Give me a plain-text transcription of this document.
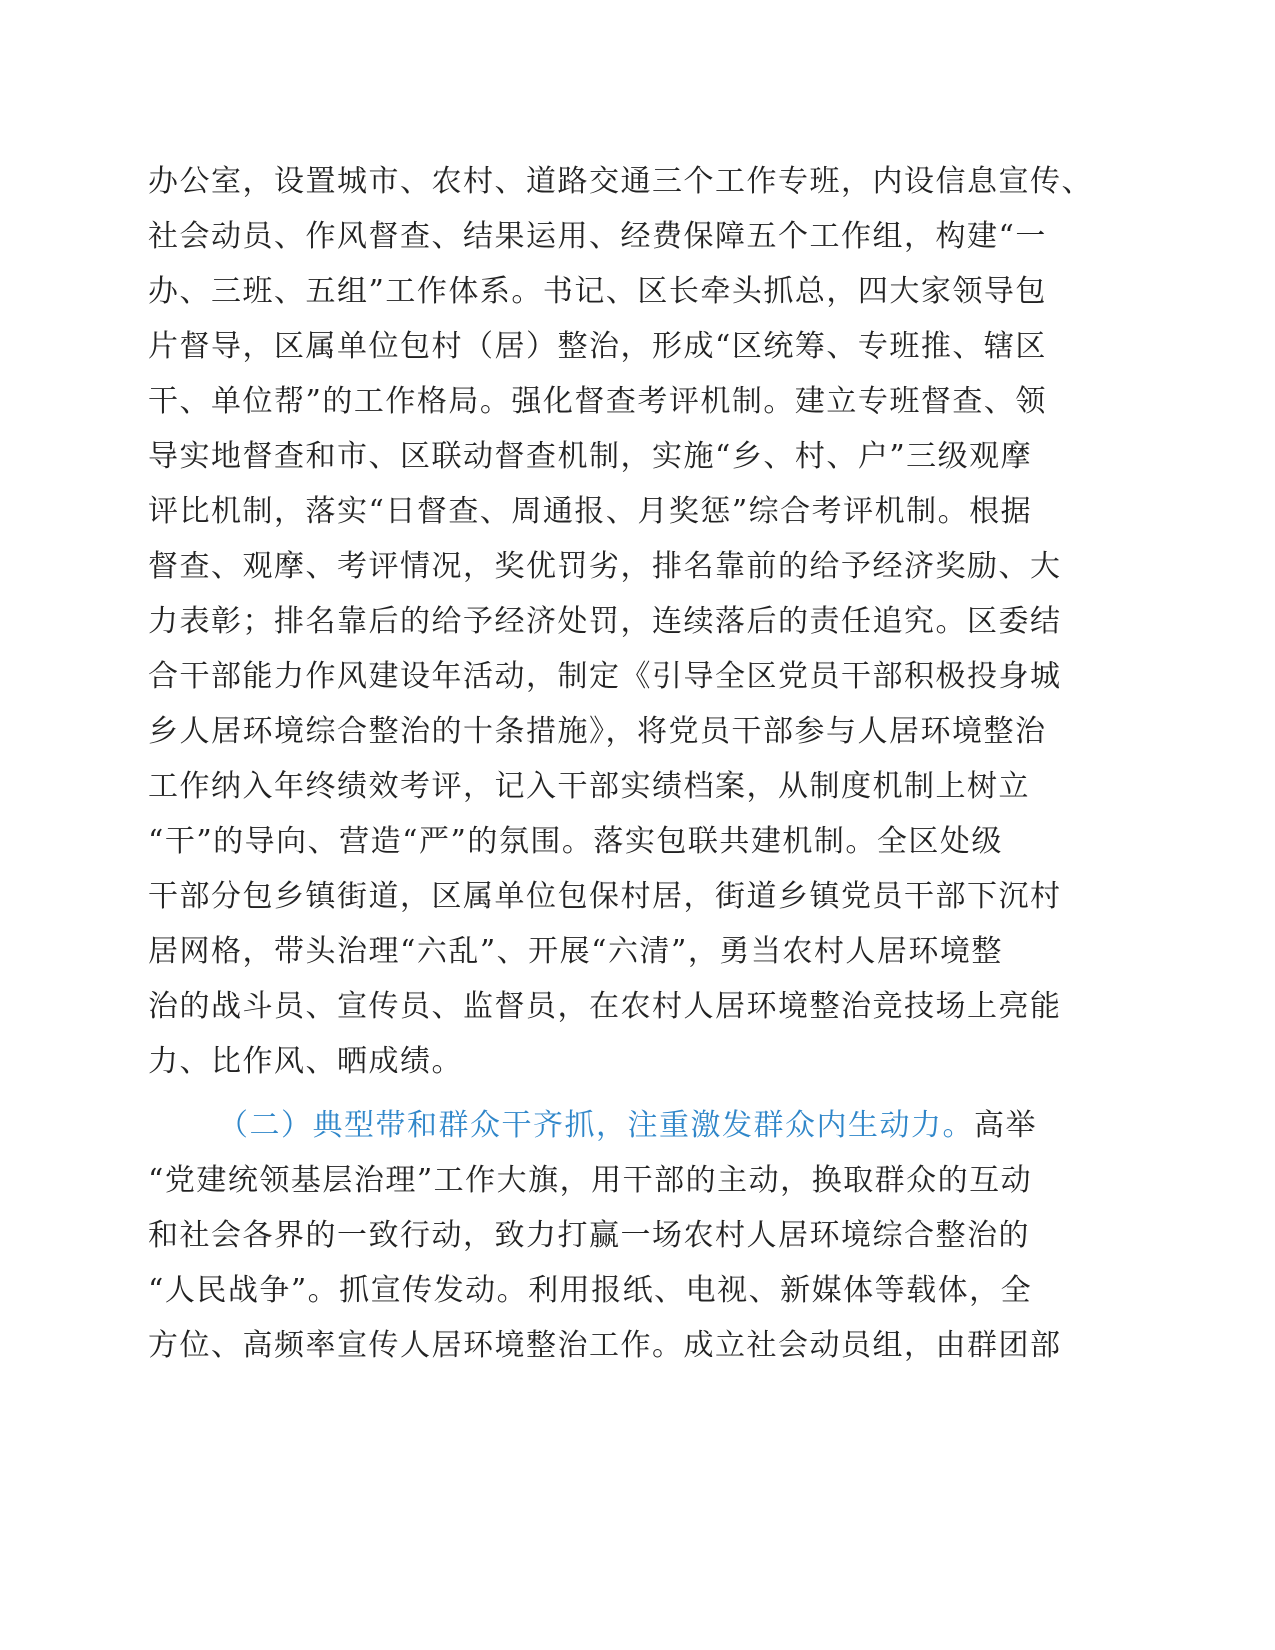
办公室，设置城市、农村、道路交通三个工作专班，内设信息宣传、
社会动员、作风督查、结果运用、经费保障五个工作组，构建“一
办、三班、五组”工作体系。书记、区长牵头抓总，四大家领导包
片督导，区属单位包村（居）整治，形成“区统筹、专班推、辖区
干、单位帮”的工作格局。强化督查考评机制。建立专班督查、领
导实地督查和市、区联动督查机制，实施“乡、村、户”三级观摩
评比机制，落实“日督查、周通报、月奖惩”综合考评机制。根据
督查、观摩、考评情况，奖优罚劣，排名靠前的给予经济奖励、大
力表彰；排名靠后的给予经济处罚，连续落后的责任追究。区委结
合干部能力作风建设年活动，制定《引导全区党员干部积极投身城
乡人居环境综合整治的十条措施》，将党员干部参与人居环境整治
工作纳入年终绩效考评，记入干部实绩档案，从制度机制上树立
“干”的导向、营造“严”的氛围。落实包联共建机制。全区处级
干部分包乡镇街道，区属单位包保村居，街道乡镇党员干部下沉村
居网格，带头治理“六乱”、开展“六清”，勇当农村人居环境整
治的战斗员、宣传员、监督员，在农村人居环境整治竞技场上亮能
力、比作风、晒成绩。
（二）典型带和群众干齐抓，注重激发群众内生动力。高举
“党建统领基层治理”工作大旗，用干部的主动，换取群众的互动
和社会各界的一致行动，致力打赢一场农村人居环境综合整治的
“人民战争”。抓宣传发动。利用报纸、电视、新媒体等载体，全
方位、高频率宣传人居环境整治工作。成立社会动员组，由群团部
